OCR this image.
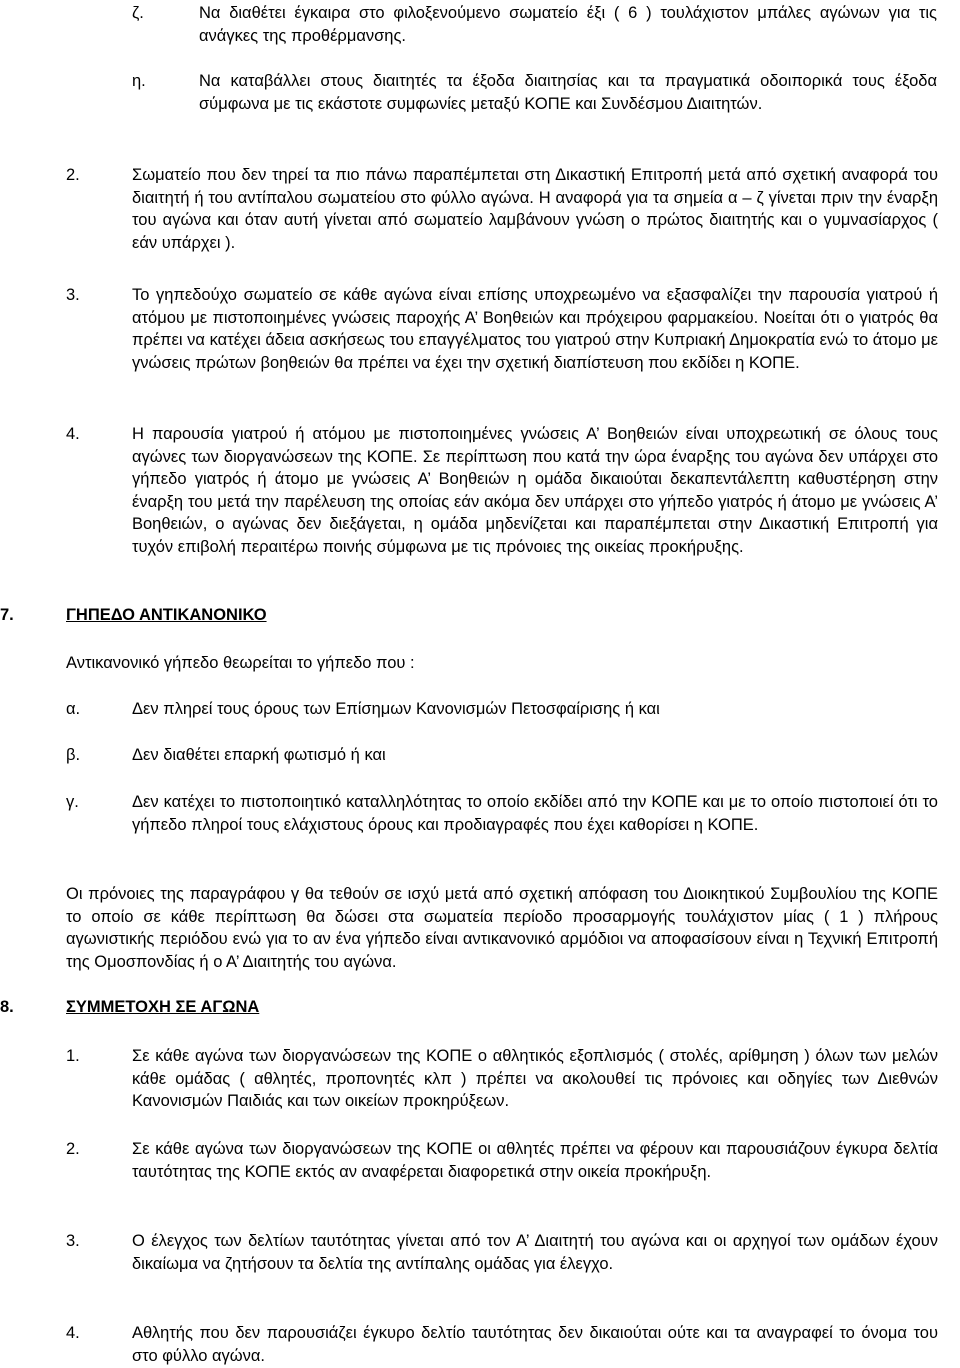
ζ.	Να διαθέτει έγκαιρα στο φιλοξενούμενο σωματείο έξι ( 6 ) τουλάχιστον μπάλες αγώνων για τις ανάγκες της προθέρμανσης.
η.	Να καταβάλλει στους διαιτητές τα έξοδα διαιτησίας και τα πραγματικά οδοιπορικά τους έξοδα σύμφωνα με τις εκάστοτε συμφωνίες μεταξύ ΚΟΠΕ και Συνδέσμου Διαιτητών.
2.	Σωματείο που δεν τηρεί τα πιο πάνω παραπέμπεται στη Δικαστική Επιτροπή μετά από σχετική αναφορά του διαιτητή ή του αντίπαλου σωματείου στο φύλλο αγώνα. Η αναφορά για τα σημεία α – ζ γίνεται πριν την έναρξη του αγώνα και όταν αυτή γίνεται από σωματείο λαμβάνουν γνώση ο πρώτος διαιτητής και ο γυμνασίαρχος ( εάν υπάρχει ).
3.	Το γηπεδούχο σωματείο σε κάθε αγώνα είναι επίσης υποχρεωμένο να εξασφαλίζει την παρουσία γιατρού ή ατόμου με πιστοποιημένες γνώσεις παροχής Α’ Βοηθειών και πρόχειρου φαρμακείου. Νοείται ότι ο γιατρός θα πρέπει να κατέχει άδεια ασκήσεως του επαγγέλματος του γιατρού στην Κυπριακή Δημοκρατία ενώ το άτομο με γνώσεις πρώτων βοηθειών θα πρέπει να έχει την σχετική διαπίστευση που εκδίδει η ΚΟΠΕ.
4.	Η παρουσία γιατρού ή ατόμου με πιστοποιημένες γνώσεις Α’ Βοηθειών είναι υποχρεωτική σε όλους τους αγώνες των διοργανώσεων της ΚΟΠΕ. Σε περίπτωση που κατά την ώρα έναρξης του αγώνα δεν υπάρχει στο γήπεδο γιατρός ή άτομο με γνώσεις Α’ Βοηθειών η ομάδα δικαιούται δεκαπεντάλεπτη καθυστέρηση στην έναρξη του μετά την παρέλευση της οποίας εάν ακόμα δεν υπάρχει στο γήπεδο γιατρός ή άτομο με γνώσεις Α’ Βοηθειών, ο αγώνας δεν διεξάγεται, η ομάδα μηδενίζεται και παραπέμπεται στην Δικαστική Επιτροπή για τυχόν επιβολή περαιτέρω ποινής σύμφωνα με τις πρόνοιες της οικείας προκήρυξης.
7.	ΓΗΠΕΔΟ ΑΝΤΙΚΑΝΟΝΙΚΟ
Αντικανονικό γήπεδο θεωρείται το γήπεδο που :
α.	Δεν πληρεί τους όρους των Επίσημων Κανονισμών Πετοσφαίρισης ή και
β.	Δεν διαθέτει επαρκή φωτισμό ή και
γ.	Δεν κατέχει το πιστοποιητικό καταλληλότητας το οποίο εκδίδει από την ΚΟΠΕ και με το οποίο πιστοποιεί ότι το γήπεδο πληροί τους ελάχιστους όρους και προδιαγραφές που έχει καθορίσει η ΚΟΠΕ.
Οι πρόνοιες της παραγράφου γ θα τεθούν σε ισχύ μετά από σχετική απόφαση του Διοικητικού Συμβουλίου της ΚΟΠΕ το οποίο σε κάθε περίπτωση θα δώσει στα σωματεία περίοδο προσαρμογής τουλάχιστον μίας ( 1 ) πλήρους αγωνιστικής περιόδου ενώ για το αν ένα γήπεδο είναι αντικανονικό αρμόδιοι να αποφασίσουν είναι η Τεχνική Επιτροπή της Ομοσπονδίας ή ο Α’ Διαιτητής του αγώνα.
8.	ΣΥΜΜΕΤΟΧΗ ΣΕ ΑΓΩΝΑ
1.	Σε κάθε αγώνα των διοργανώσεων της ΚΟΠΕ ο αθλητικός εξοπλισμός ( στολές, αρίθμηση ) όλων των μελών κάθε ομάδας ( αθλητές, προπονητές κλπ ) πρέπει να ακολουθεί τις πρόνοιες και οδηγίες των Διεθνών Κανονισμών Παιδιάς και των οικείων προκηρύξεων.
2.	Σε κάθε αγώνα των διοργανώσεων της ΚΟΠΕ οι αθλητές πρέπει να φέρουν και παρουσιάζουν έγκυρα δελτία ταυτότητας της ΚΟΠΕ εκτός αν αναφέρεται διαφορετικά στην οικεία προκήρυξη.
3.	Ο έλεγχος των δελτίων ταυτότητας γίνεται από τον Α’ Διαιτητή του αγώνα και οι αρχηγοί των ομάδων έχουν δικαίωμα να ζητήσουν τα δελτία της αντίπαλης ομάδας για έλεγχο.
4.	Αθλητής που δεν παρουσιάζει έγκυρο δελτίο ταυτότητας δεν δικαιούται ούτε και τα αναγραφεί το όνομα του στο φύλλο αγώνα.
